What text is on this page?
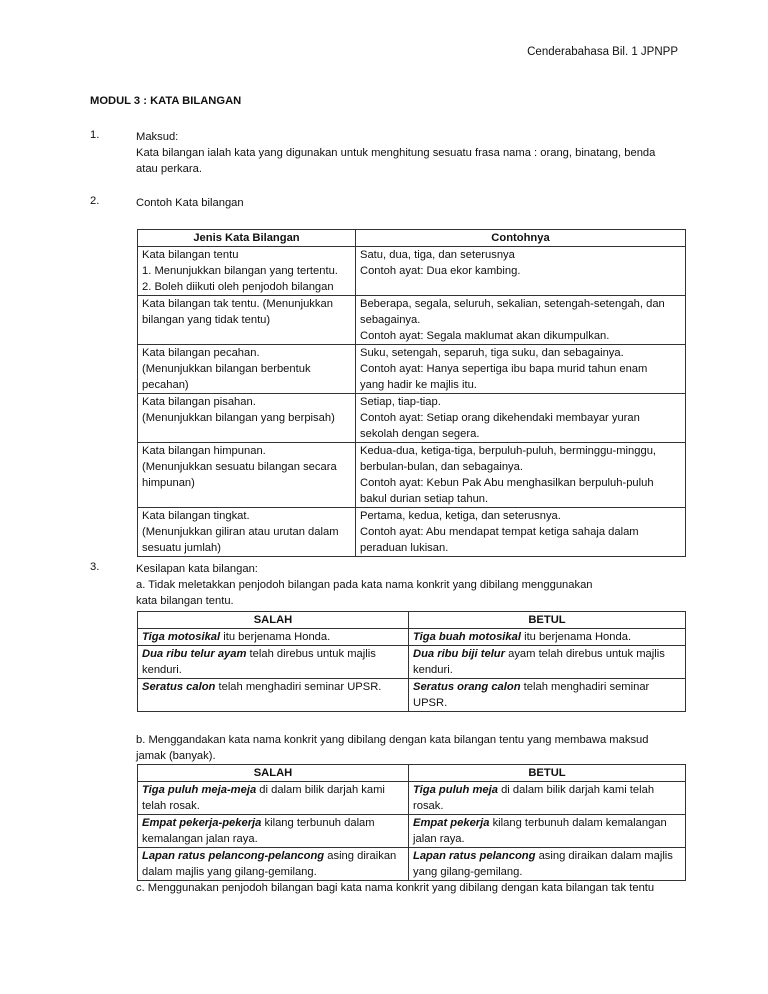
Cenderabahasa Bil. 1 JPNPP
MODUL 3 : KATA BILANGAN
1.	Maksud:
Kata bilangan ialah kata yang digunakan untuk menghitung sesuatu frasa nama : orang, binatang, benda
atau perkara.
2.	Contoh Kata bilangan
Jenis Kata Bilangan	Contohnya

Kata bilangan tentu
1. Menunjukkan bilangan yang tertentu.
2. Boleh diikuti oleh penjodoh bilangan	Satu, dua, tiga, dan seterusnya
Contoh ayat: Dua ekor kambing.

Kata bilangan tak tentu. (Menunjukkan
bilangan yang tidak tentu)	Beberapa, segala, seluruh, sekalian, setengah-setengah, dan
sebagainya.
Contoh ayat: Segala maklumat akan dikumpulkan.

Kata bilangan pecahan.
(Menunjukkan bilangan berbentuk
pecahan)	Suku, setengah, separuh, tiga suku, dan sebagainya.
Contoh ayat: Hanya sepertiga ibu bapa murid tahun enam
yang hadir ke majlis itu.

Kata bilangan pisahan.
(Menunjukkan bilangan yang berpisah)	Setiap, tiap-tiap.
Contoh ayat: Setiap orang dikehendaki membayar yuran
sekolah dengan segera.

Kata bilangan himpunan.
(Menunjukkan sesuatu bilangan secara
himpunan)	Kedua-dua, ketiga-tiga, berpuluh-puluh, berminggu-minggu,
berbulan-bulan, dan sebagainya.
Contoh ayat: Kebun Pak Abu menghasilkan berpuluh-puluh
bakul durian setiap tahun.

Kata bilangan tingkat.
(Menunjukkan giliran atau urutan dalam
sesuatu jumlah)	Pertama, kedua, ketiga, dan seterusnya.
Contoh ayat: Abu mendapat tempat ketiga sahaja dalam
peraduan lukisan.
3.	Kesilapan kata bilangan:
a. Tidak meletakkan penjodoh bilangan pada kata nama konkrit yang dibilang menggunakan
kata bilangan tentu.
SALAH	BETUL
Tiga motosikal itu berjenama Honda.	Tiga buah motosikal itu berjenama Honda.

Dua ribu telur ayam telah direbus untuk majlis
kenduri.	Dua ribu biji telur ayam telah direbus untuk majlis
kenduri.

Seratus calon telah menghadiri seminar UPSR.	Seratus orang calon telah menghadiri seminar
UPSR.
b. Menggandakan kata nama konkrit yang dibilang dengan kata bilangan tentu yang membawa maksud
jamak (banyak).
SALAH	BETUL

Tiga puluh meja-meja di dalam bilik darjah kami
telah rosak.	Tiga puluh meja di dalam bilik darjah kami telah
rosak.

Empat pekerja-pekerja kilang terbunuh dalam
kemalangan jalan raya.	Empat pekerja kilang terbunuh dalam kemalangan
jalan raya.

Lapan ratus pelancong-pelancong asing diraikan
dalam majlis yang gilang-gemilang.	Lapan ratus pelancong asing diraikan dalam majlis
yang gilang-gemilang.
c. Menggunakan penjodoh bilangan bagi kata nama konkrit yang dibilang dengan kata bilangan tak tentu
